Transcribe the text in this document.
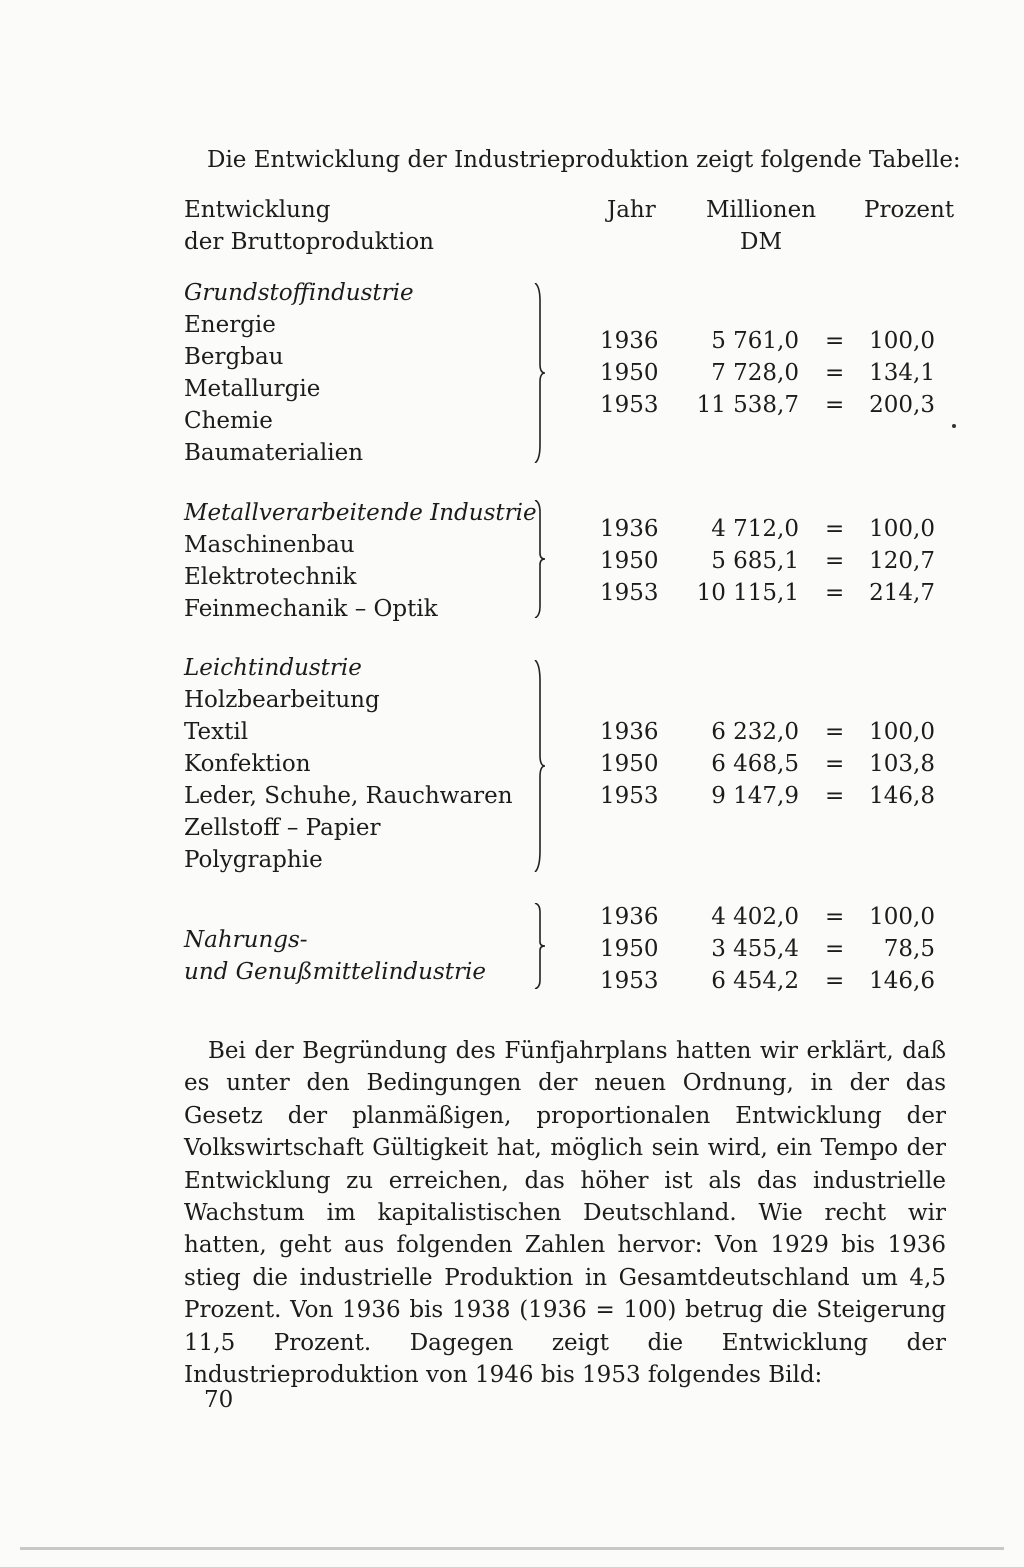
Die Entwicklung der Industrieproduktion zeigt folgende Tabelle:
Entwicklung
der Bruttoproduktion
Jahr Millionen
DM
Prozent
Grundstoffindustrie
Energie
Bergbau
Metallurgie
Chemie
Baumaterialien
1936 5 761,0 = 100,0
1950 7 728,0 = 134,1
1953 11 538,7 = 200,3
Metallverarbeitende Industrie
Maschinenbau
Elektrotechnik
Feinmechanik – Optik
1936 4 712,0 = 100,0
1950 5 685,1 = 120,7
1953 10 115,1 = 214,7
Leichtindustrie
Holzbearbeitung
Textil
Konfektion
Leder, Schuhe, Rauchwaren
Zellstoff – Papier
Polygraphie
1936 6 232,0 = 100,0
1950 6 468,5 = 103,8
1953 9 147,9 = 146,8
Nahrungs-
und Genußmittelindustrie
1936 4 402,0 = 100,0
1950 3 455,4 = 78,5
1953 6 454,2 = 146,6

Bei der Begründung des Fünfjahrplans hatten wir erklärt, daß es unter den Bedingungen der neuen Ordnung, in der das Gesetz der planmäßigen, proportionalen Entwicklung der Volkswirtschaft Gültigkeit hat, möglich sein wird, ein Tempo der Entwicklung zu erreichen, das höher ist als das industrielle Wachstum im kapitalistischen Deutschland. Wie recht wir hatten, geht aus folgenden Zahlen hervor: Von 1929 bis 1936 stieg die industrielle Produktion in Gesamtdeutschland um 4,5 Prozent. Von 1936 bis 1938 (1936 = 100) betrug die Steigerung 11,5 Prozent. Dagegen zeigt die Entwicklung der Industrieproduktion von 1946 bis 1953 folgendes Bild:

70
